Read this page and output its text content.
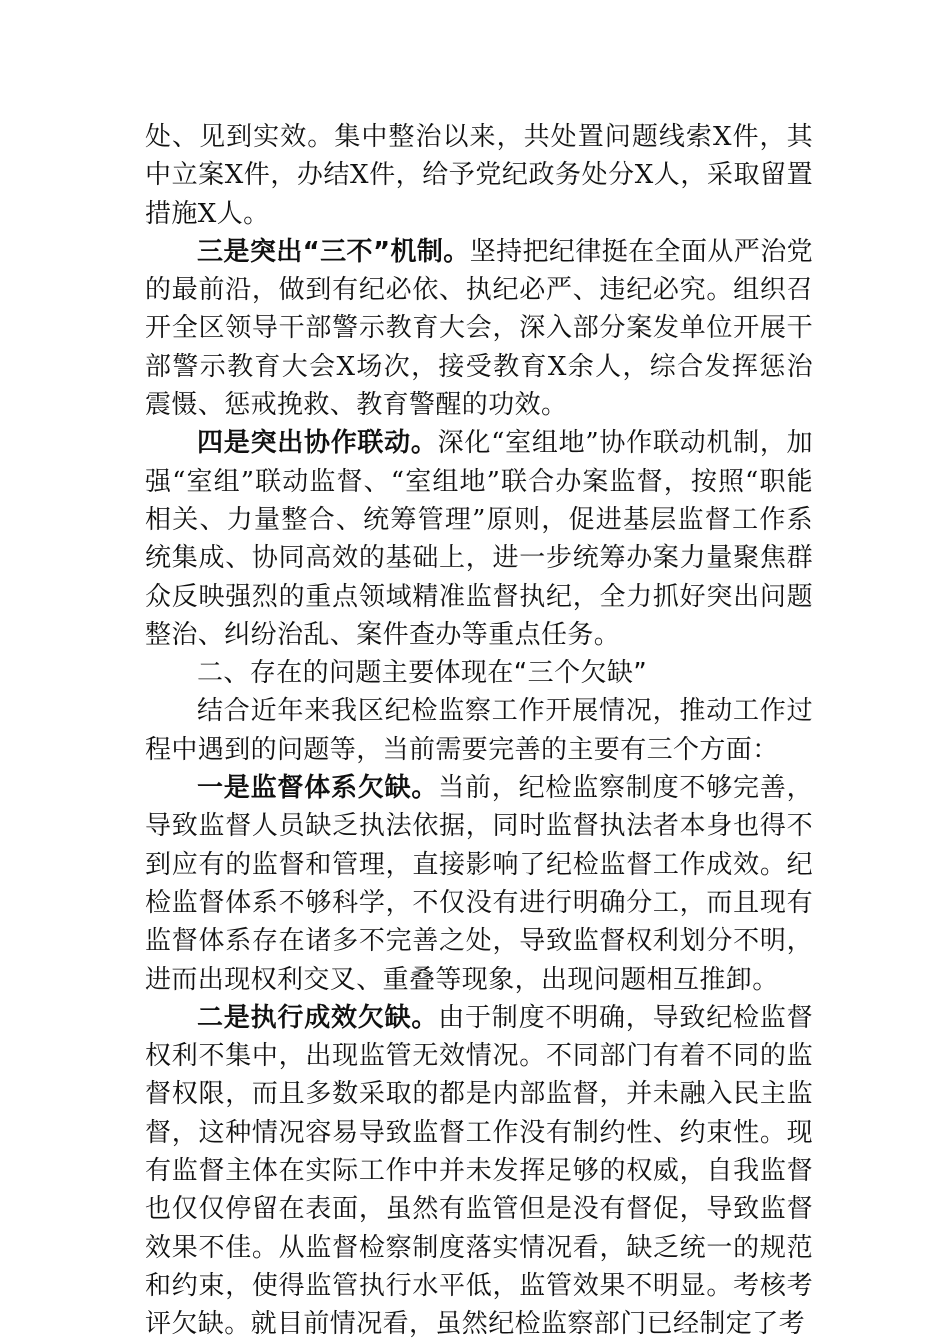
处、见到实效。集中整治以来，共处置问题线索X件，其中立案X件，办结X件，给予党纪政务处分X人，采取留置措施X人。

三是突出“三不”机制。坚持把纪律挺在全面从严治党的最前沿，做到有纪必依、执纪必严、违纪必究。组织召开全区领导干部警示教育大会，深入部分案发单位开展干部警示教育大会X场次，接受教育X余人，综合发挥惩治震慑、惩戒挽救、教育警醒的功效。

四是突出协作联动。深化“室组地”协作联动机制，加强“室组”联动监督、“室组地”联合办案监督，按照“职能相关、力量整合、统筹管理”原则，促进基层监督工作系统集成、协同高效的基础上，进一步统筹办案力量聚焦群众反映强烈的重点领域精准监督执纪，全力抓好突出问题整治、纠纷治乱、案件查办等重点任务。

二、存在的问题主要体现在“三个欠缺”

结合近年来我区纪检监察工作开展情况，推动工作过程中遇到的问题等，当前需要完善的主要有三个方面：

一是监督体系欠缺。当前，纪检监察制度不够完善，导致监督人员缺乏执法依据，同时监督执法者本身也得不到应有的监督和管理，直接影响了纪检监督工作成效。纪检监督体系不够科学，不仅没有进行明确分工，而且现有监督体系存在诸多不完善之处，导致监督权利划分不明，进而出现权利交叉、重叠等现象，出现问题相互推卸。

二是执行成效欠缺。由于制度不明确，导致纪检监督权利不集中，出现监管无效情况。不同部门有着不同的监督权限，而且多数采取的都是内部监督，并未融入民主监督，这种情况容易导致监督工作没有制约性、约束性。现有监督主体在实际工作中并未发挥足够的权威，自我监督也仅仅停留在表面，虽然有监管但是没有督促，导致监督效果不佳。从监督检察制度落实情况看，缺乏统一的规范和约束，使得监管执行水平低，监管效果不明显。考核考评欠缺。就目前情况看，虽然纪检监察部门已经制定了考
